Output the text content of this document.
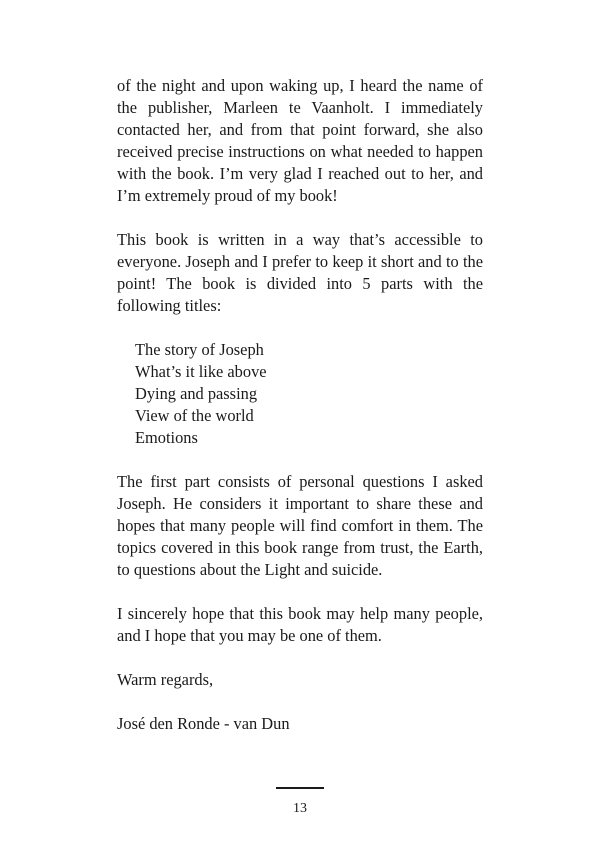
of the night and upon waking up, I heard the name of the publisher, Marleen te Vaanholt. I immediately contacted her, and from that point forward, she also received precise instructions on what needed to happen with the book. I’m very glad I reached out to her, and I’m extremely proud of my book!

This book is written in a way that’s accessible to everyone. Joseph and I prefer to keep it short and to the point! The book is divided into 5 parts with the following titles:

The story of Joseph
What’s it like above
Dying and passing
View of the world
Emotions

The first part consists of personal questions I asked Joseph. He considers it important to share these and hopes that many people will find comfort in them. The topics covered in this book range from trust, the Earth, to questions about the Light and suicide.

I sincerely hope that this book may help many people, and I hope that you may be one of them.

Warm regards,

José den Ronde - van Dun

13
